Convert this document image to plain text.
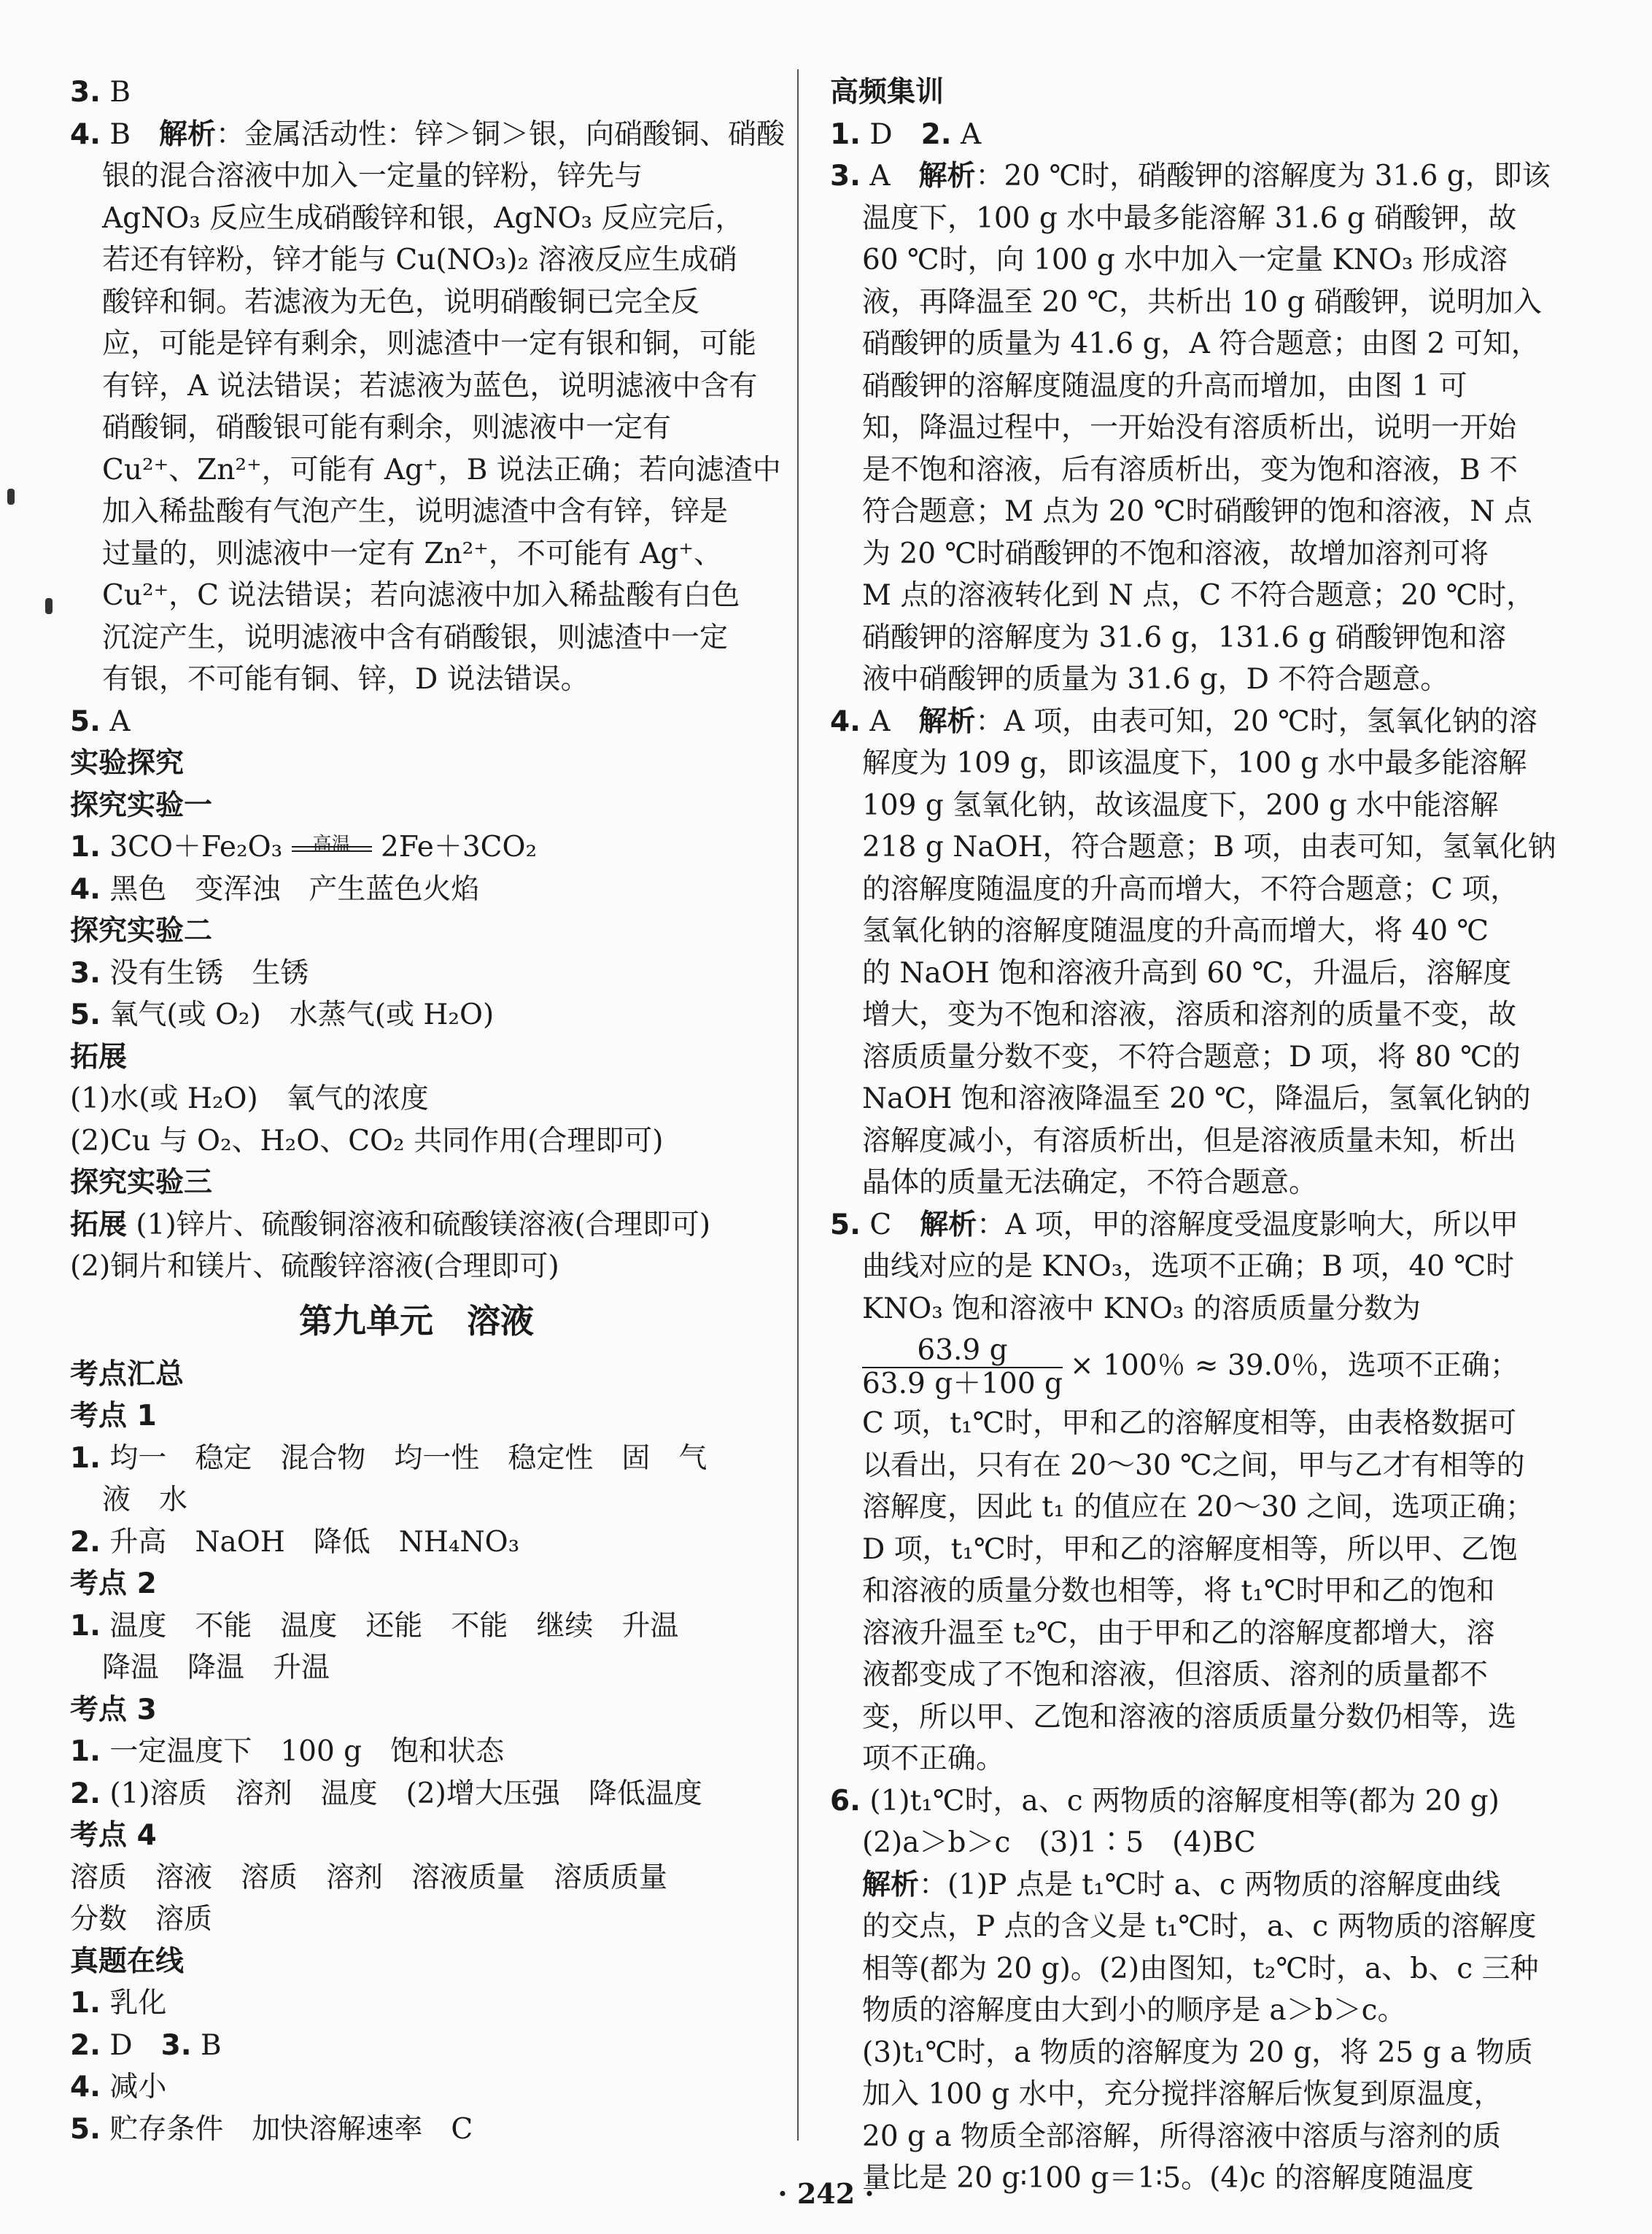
3. B
4. B　解析：金属活动性：锌＞铜＞银，向硝酸铜、硝酸
银的混合溶液中加入一定量的锌粉，锌先与
AgNO₃ 反应生成硝酸锌和银，AgNO₃ 反应完后，
若还有锌粉，锌才能与 Cu(NO₃)₂ 溶液反应生成硝
酸锌和铜。若滤液为无色，说明硝酸铜已完全反
应，可能是锌有剩余，则滤渣中一定有银和铜，可能
有锌，A 说法错误；若滤液为蓝色，说明滤液中含有
硝酸铜，硝酸银可能有剩余，则滤液中一定有
Cu²⁺、Zn²⁺，可能有 Ag⁺，B 说法正确；若向滤渣中
加入稀盐酸有气泡产生，说明滤渣中含有锌，锌是
过量的，则滤液中一定有 Zn²⁺，不可能有 Ag⁺、
Cu²⁺，C 说法错误；若向滤液中加入稀盐酸有白色
沉淀产生，说明滤液中含有硝酸银，则滤渣中一定
有银，不可能有铜、锌，D 说法错误。
5. A
实验探究
探究实验一
1. 3CO＋Fe₂O₃	高温 2Fe＋3CO₂
4. 黑色　变浑浊　产生蓝色火焰
探究实验二
3. 没有生锈　生锈
5. 氧气(或 O₂)　水蒸气(或 H₂O)
拓展
(1)水(或 H₂O)　氧气的浓度
(2)Cu 与 O₂、H₂O、CO₂ 共同作用(合理即可)
探究实验三
拓展 (1)锌片、硫酸铜溶液和硫酸镁溶液(合理即可)
(2)铜片和镁片、硫酸锌溶液(合理即可)
第九单元　溶液
考点汇总
考点 1
1. 均一　稳定　混合物　均一性　稳定性　固　气
液　水
2. 升高　NaOH　降低　NH₄NO₃
考点 2
1. 温度　不能　温度　还能　不能　继续　升温
降温　降温　升温
考点 3
1. 一定温度下　100 g　饱和状态
2. (1)溶质　溶剂　温度　(2)增大压强　降低温度
考点 4
溶质　溶液　溶质　溶剂　溶液质量　溶质质量
分数　溶质
真题在线
1. 乳化
2. D　3. B
4. 减小
5. 贮存条件　加快溶解速率　C
高频集训
1. D　2. A
3. A　解析：20 ℃时，硝酸钾的溶解度为 31.6 g，即该
温度下，100 g 水中最多能溶解 31.6 g 硝酸钾，故
60 ℃时，向 100 g 水中加入一定量 KNO₃ 形成溶
液，再降温至 20 ℃，共析出 10 g 硝酸钾，说明加入
硝酸钾的质量为 41.6 g，A 符合题意；由图 2 可知，
硝酸钾的溶解度随温度的升高而增加，由图 1 可
知，降温过程中，一开始没有溶质析出，说明一开始
是不饱和溶液，后有溶质析出，变为饱和溶液，B 不
符合题意；M 点为 20 ℃时硝酸钾的饱和溶液，N 点
为 20 ℃时硝酸钾的不饱和溶液，故增加溶剂可将
M 点的溶液转化到 N 点，C 不符合题意；20 ℃时，
硝酸钾的溶解度为 31.6 g，131.6 g 硝酸钾饱和溶
液中硝酸钾的质量为 31.6 g，D 不符合题意。
4. A　解析：A 项，由表可知，20 ℃时，氢氧化钠的溶
解度为 109 g，即该温度下，100 g 水中最多能溶解
109 g 氢氧化钠，故该温度下，200 g 水中能溶解
218 g NaOH，符合题意；B 项，由表可知，氢氧化钠
的溶解度随温度的升高而增大，不符合题意；C 项，
氢氧化钠的溶解度随温度的升高而增大，将 40 ℃
的 NaOH 饱和溶液升高到 60 ℃，升温后，溶解度
增大，变为不饱和溶液，溶质和溶剂的质量不变，故
溶质质量分数不变，不符合题意；D 项，将 80 ℃的
NaOH 饱和溶液降温至 20 ℃，降温后，氢氧化钠的
溶解度减小，有溶质析出，但是溶液质量未知，析出
晶体的质量无法确定，不符合题意。
5. C　解析：A 项，甲的溶解度受温度影响大，所以甲
曲线对应的是 KNO₃，选项不正确；B 项，40 ℃时
KNO₃ 饱和溶液中 KNO₃ 的溶质质量分数为
$\frac{63.9 g}{63.9 g+100 g} \times 100$％ ≈ 39.0％，选项不正确；
C 项，t₁℃时，甲和乙的溶解度相等，由表格数据可
以看出，只有在 20～30 ℃之间，甲与乙才有相等的
溶解度，因此 t₁ 的值应在 20～30 之间，选项正确；
D 项，t₁℃时，甲和乙的溶解度相等，所以甲、乙饱
和溶液的质量分数也相等，将 t₁℃时甲和乙的饱和
溶液升温至 t₂℃，由于甲和乙的溶解度都增大，溶
液都变成了不饱和溶液，但溶质、溶剂的质量都不
变，所以甲、乙饱和溶液的溶质质量分数仍相等，选
项不正确。
6. (1)t₁℃时，a、c 两物质的溶解度相等(都为 20 g)
(2)a＞b＞c　(3)1∶5　(4)BC
解析：(1)P 点是 t₁℃时 a、c 两物质的溶解度曲线
的交点，P 点的含义是 t₁℃时，a、c 两物质的溶解度
相等(都为 20 g)。(2)由图知，t₂℃时，a、b、c 三种
物质的溶解度由大到小的顺序是 a＞b＞c。
(3)t₁℃时，a 物质的溶解度为 20 g，将 25 g a 物质
加入 100 g 水中，充分搅拌溶解后恢复到原温度，
20 g a 物质全部溶解，所得溶液中溶质与溶剂的质
量比是 20 g∶100 g＝1∶5。(4)c 的溶解度随温度
· 242 ·
